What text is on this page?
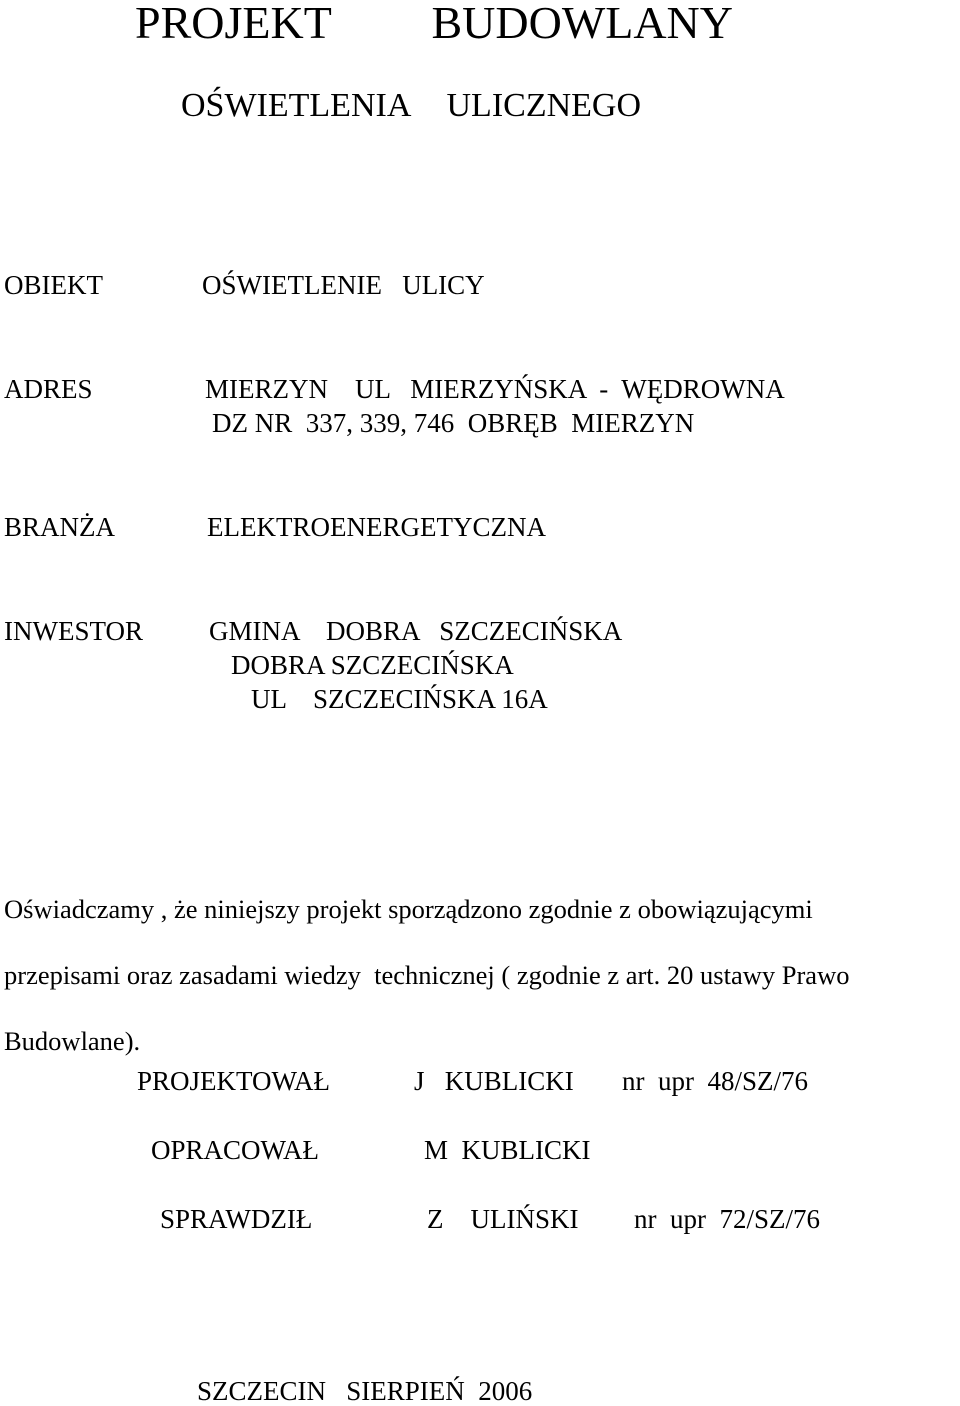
PROJEKT   BUDOWLANY
OŚWIETLENIA  ULICZNEGO
OBIEKT	OŚWIETLENIE   ULICY
ADRES	MIERZYN    UL   MIERZYŃSKA  -  WĘDROWNA
DZ NR  337, 339, 746  OBRĘB  MIERZYN
BRANŻA	ELEKTROENERGETYCZNA
INWESTOR GMINA    DOBRA   SZCZECIŃSKA
DOBRA SZCZECIŃSKA
UL    SZCZECIŃSKA 16A

Oświadczamy , że niniejszy projekt sporządzono zgodnie z obowiązującymi

przepisami oraz zasadami wiedzy  technicznej ( zgodnie z art. 20 ustawy Prawo

Budowlane).

PROJEKTOWAŁ	J   KUBLICKI nr  upr  48/SZ/76
OPRACOWAŁ	M  KUBLICKI
SPRAWDZIŁ	Z    ULIŃSKI nr  upr  72/SZ/76
SZCZECIN   SIERPIEŃ  2006
